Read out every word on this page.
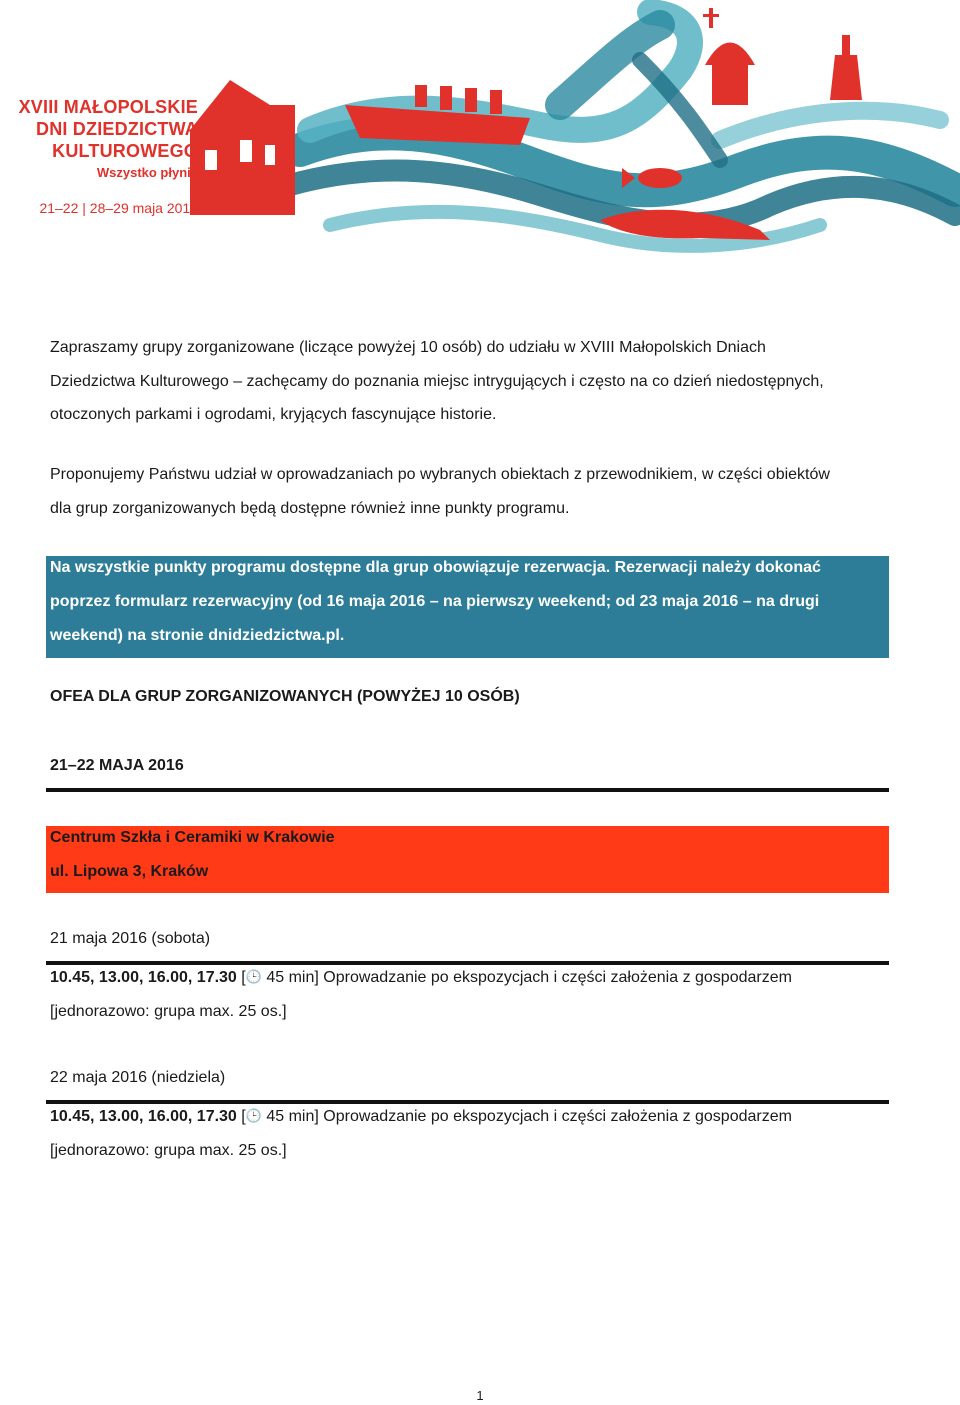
XVIII MAŁOPOLSKIE
DNI DZIEDZICTWA
KULTUROWEGO
Wszystko płynie
21–22 | 28–29 maja 2016

Zapraszamy grupy zorganizowane (liczące powyżej 10 osób) do udziału w XVIII Małopolskich Dniach
Dziedzictwa Kulturowego – zachęcamy do poznania miejsc intrygujących i często na co dzień niedostępnych,
otoczonych parkami i ogrodami, kryjących fascynujące historie.

Proponujemy Państwu udział w oprowadzaniach po wybranych obiektach z przewodnikiem, w części obiektów
dla grup zorganizowanych będą dostępne również inne punkty programu.

Na wszystkie punkty programu dostępne dla grup obowiązuje rezerwacja. Rezerwacji należy dokonać
poprzez formularz rezerwacyjny (od 16 maja 2016 – na pierwszy weekend; od 23 maja 2016 – na drugi
weekend) na stronie dnidziedzictwa.pl.

OFEA DLA GRUP ZORGANIZOWANYCH (POWYŻEJ 10 OSÓB)

21–22 MAJA 2016

Centrum Szkła i Ceramiki w Krakowie
ul. Lipowa 3, Kraków

21 maja 2016 (sobota)

10.45, 13.00, 16.00, 17.30 [🕒 45 min] Oprowadzanie po ekspozycjach i części założenia z gospodarzem
[jednorazowo: grupa max. 25 os.]

22 maja 2016 (niedziela)

10.45, 13.00, 16.00, 17.30 [🕒 45 min] Oprowadzanie po ekspozycjach i części założenia z gospodarzem
[jednorazowo: grupa max. 25 os.]

1
